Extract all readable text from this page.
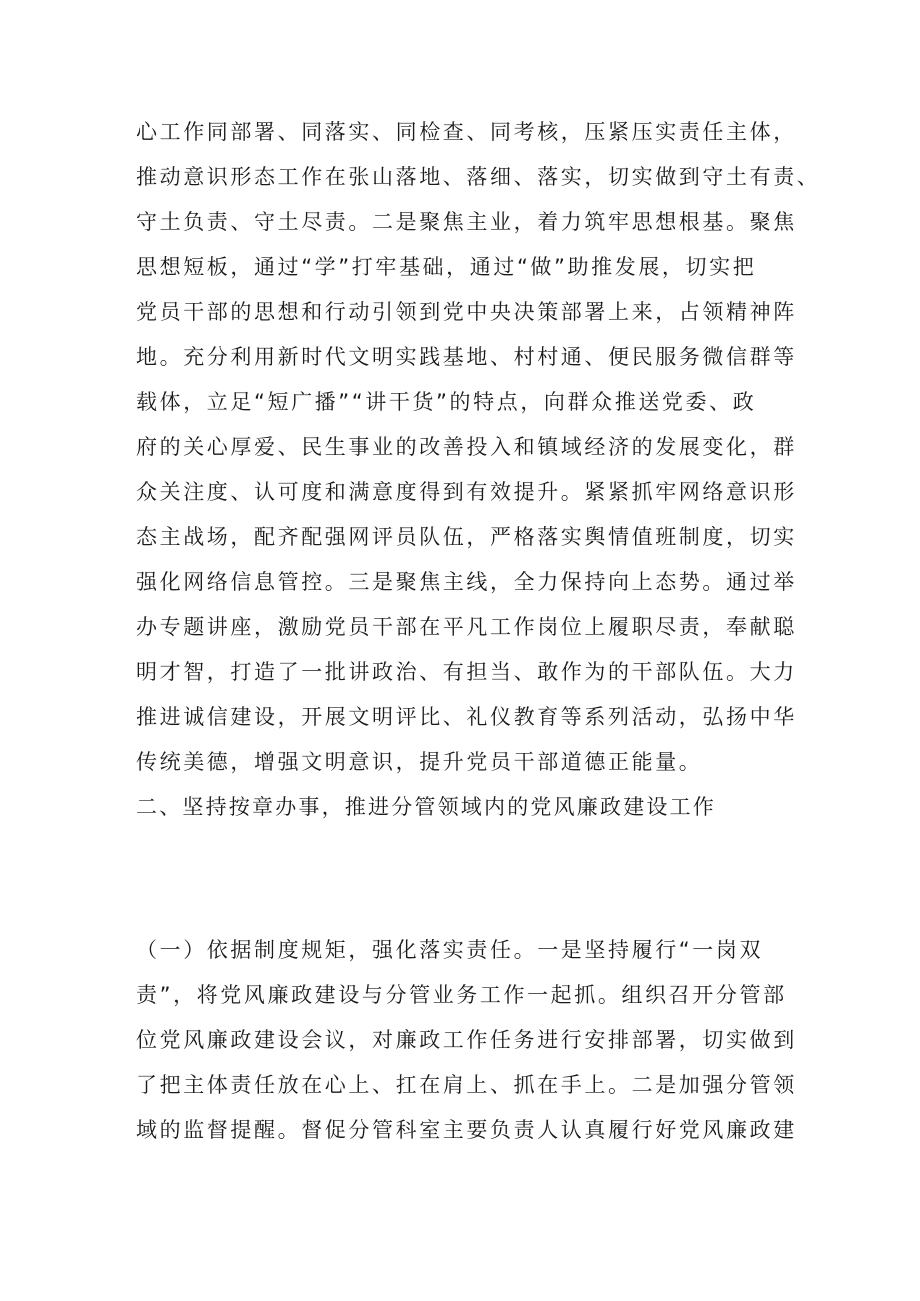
心工作同部署、同落实、同检查、同考核，压紧压实责任主体，
推动意识形态工作在张山落地、落细、落实，切实做到守土有责、
守土负责、守土尽责。二是聚焦主业，着力筑牢思想根基。聚焦
思想短板，通过“学”打牢基础，通过“做”助推发展，切实把
党员干部的思想和行动引领到党中央决策部署上来，占领精神阵
地。充分利用新时代文明实践基地、村村通、便民服务微信群等
载体，立足“短广播”“讲干货”的特点，向群众推送党委、政
府的关心厚爱、民生事业的改善投入和镇域经济的发展变化，群
众关注度、认可度和满意度得到有效提升。紧紧抓牢网络意识形
态主战场，配齐配强网评员队伍，严格落实舆情值班制度，切实
强化网络信息管控。三是聚焦主线，全力保持向上态势。通过举
办专题讲座，激励党员干部在平凡工作岗位上履职尽责，奉献聪
明才智，打造了一批讲政治、有担当、敢作为的干部队伍。大力
推进诚信建设，开展文明评比、礼仪教育等系列活动，弘扬中华
传统美德，增强文明意识，提升党员干部道德正能量。
二、坚持按章办事，推进分管领域内的党风廉政建设工作
（一）依据制度规矩，强化落实责任。一是坚持履行“一岗双
责”，将党风廉政建设与分管业务工作一起抓。组织召开分管部
位党风廉政建设会议，对廉政工作任务进行安排部署，切实做到
了把主体责任放在心上、扛在肩上、抓在手上。二是加强分管领
域的监督提醒。督促分管科室主要负责人认真履行好党风廉政建
